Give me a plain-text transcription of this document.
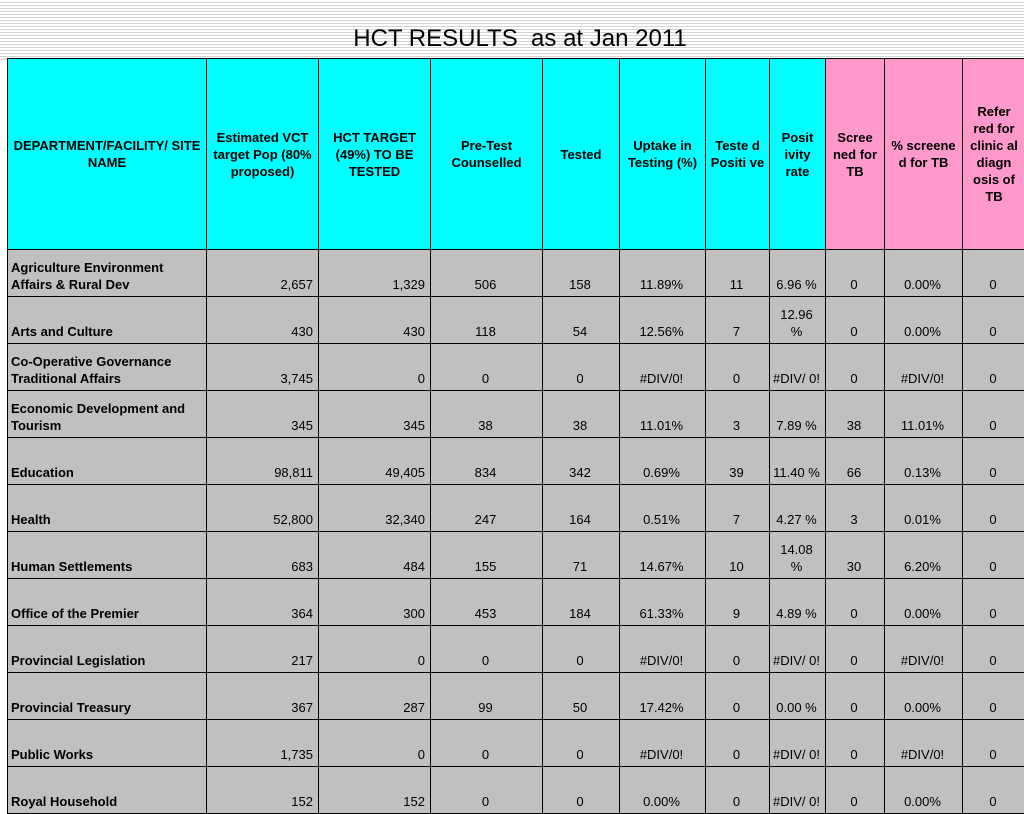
HCT RESULTS  as at Jan 2011
DEPARTMENT/FACILITY/ SITE NAME	Estimated VCT target Pop (80% proposed)	HCT TARGET (49%) TO BE TESTED	Pre-Test Counselled	Tested	Uptake in Testing (%)	Teste d Positi ve	Posit ivity rate	Scree ned for TB	% screene d for TB	Refer red for clinic al diagn osis of TB
Agriculture Environment Affairs & Rural Dev	2,657	1,329	506	158	11.89%	11	6.96 %	0	0.00%	0
Arts and Culture	430	430	118	54	12.56%	7	12.96 %	0	0.00%	0
Co-Operative Governance Traditional Affairs	3,745	0	0	0	#DIV/0!	0	#DIV/ 0!	0	#DIV/0!	0
Economic Development and Tourism	345	345	38	38	11.01%	3	7.89 %	38	11.01%	0
Education	98,811	49,405	834	342	0.69%	39	11.40 %	66	0.13%	0
Health	52,800	32,340	247	164	0.51%	7	4.27 %	3	0.01%	0
Human Settlements	683	484	155	71	14.67%	10	14.08 %	30	6.20%	0
Office of the Premier	364	300	453	184	61.33%	9	4.89 %	0	0.00%	0
Provincial Legislation	217	0	0	0	#DIV/0!	0	#DIV/ 0!	0	#DIV/0!	0
Provincial Treasury	367	287	99	50	17.42%	0	0.00 %	0	0.00%	0
Public Works	1,735	0	0	0	#DIV/0!	0	#DIV/ 0!	0	#DIV/0!	0
Royal Household	152	152	0	0	0.00%	0	#DIV/ 0!	0	0.00%	0
